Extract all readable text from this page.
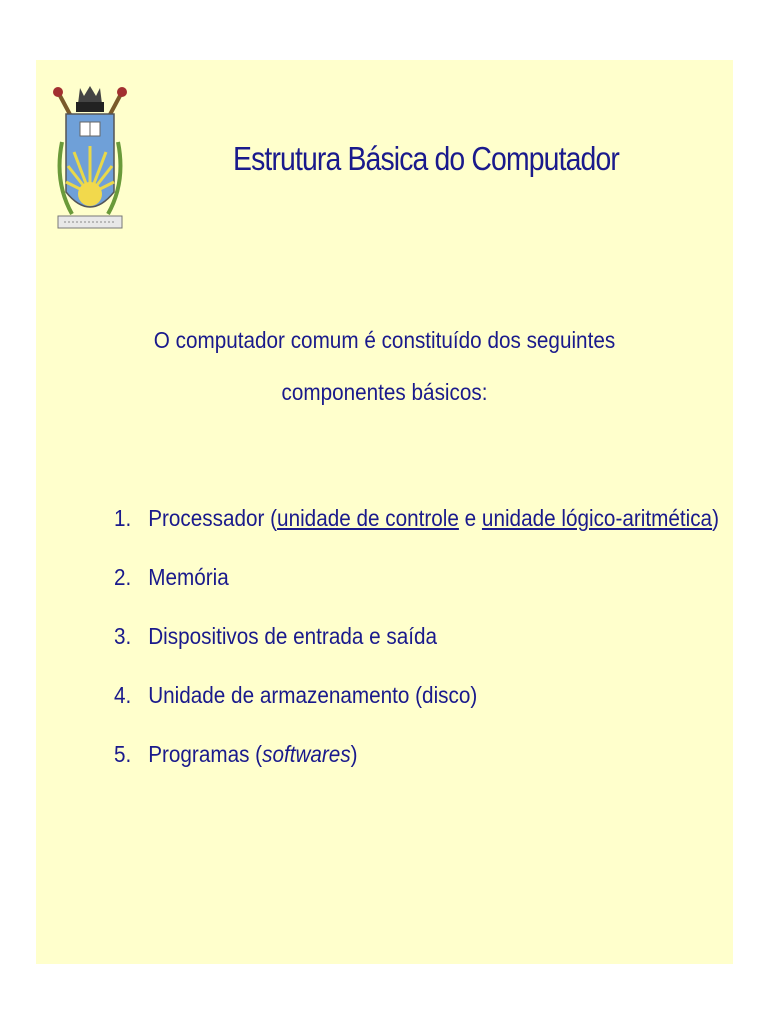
Estrutura Básica do Computador
O computador comum é constituído dos seguintes componentes básicos:
1. Processador (unidade de controle e unidade lógico-aritmética)
2. Memória
3. Dispositivos de entrada e saída
4. Unidade de armazenamento (disco)
5. Programas (softwares)
